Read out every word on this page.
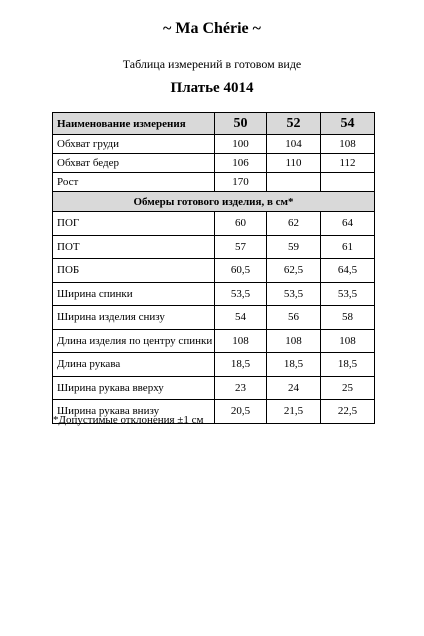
~ Ma Chérie ~
Таблица измерений в готовом виде
Платье 4014
Наименование измерения	50	52	54
Обхват груди	100	104	108
Обхват бедер	106	110	112
Рост	170		
Обмеры готового изделия, в см*			
ПОГ	60	62	64
ПОТ	57	59	61
ПОБ	60,5	62,5	64,5
Ширина спинки	53,5	53,5	53,5
Ширина изделия снизу	54	56	58
Длина изделия по центру спинки	108	108	108
Длина рукава	18,5	18,5	18,5
Ширина рукава вверху	23	24	25
Ширина рукава внизу	20,5	21,5	22,5
*Допустимые отклонения ±1 см
